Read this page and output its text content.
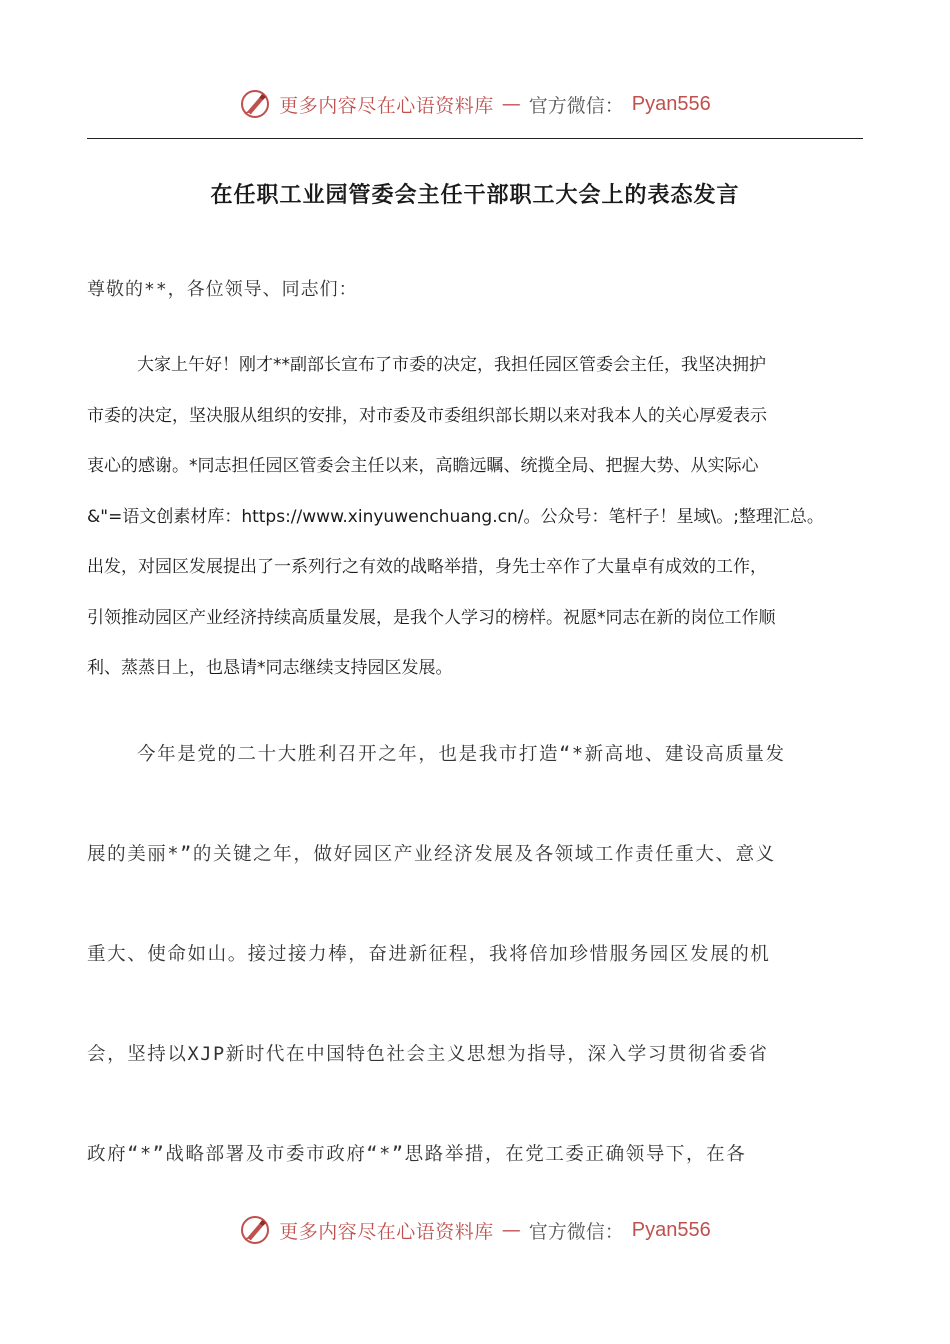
更多内容尽在心语资料库 — 官方微信： Pyan556
在任职工业园管委会主任干部职工大会上的表态发言
尊敬的**，各位领导、同志们：
大家上午好！刚才**副部长宣布了市委的决定，我担任园区管委会主任，我坚决拥护
市委的决定，坚决服从组织的安排，对市委及市委组织部长期以来对我本人的关心厚爱表示
衷心的感谢。*同志担任园区管委会主任以来，高瞻远瞩、统揽全局、把握大势、从实际心
&"=语文创素材库：https://www.xinyuwenchuang.cn/。公众号：笔杆子！星域\。;整理汇总。
出发，对园区发展提出了一系列行之有效的战略举措，身先士卒作了大量卓有成效的工作，
引领推动园区产业经济持续高质量发展，是我个人学习的榜样。祝愿*同志在新的岗位工作顺
利、蒸蒸日上，也恳请*同志继续支持园区发展。
今年是党的二十大胜利召开之年，也是我市打造“*新高地、建设高质量发
展的美丽*”的关键之年，做好园区产业经济发展及各领域工作责任重大、意义
重大、使命如山。接过接力棒，奋进新征程，我将倍加珍惜服务园区发展的机
会，坚持以XJP新时代在中国特色社会主义思想为指导，深入学习贯彻省委省
政府“*”战略部署及市委市政府“*”思路举措，在党工委正确领导下，在各
更多内容尽在心语资料库 — 官方微信： Pyan556
